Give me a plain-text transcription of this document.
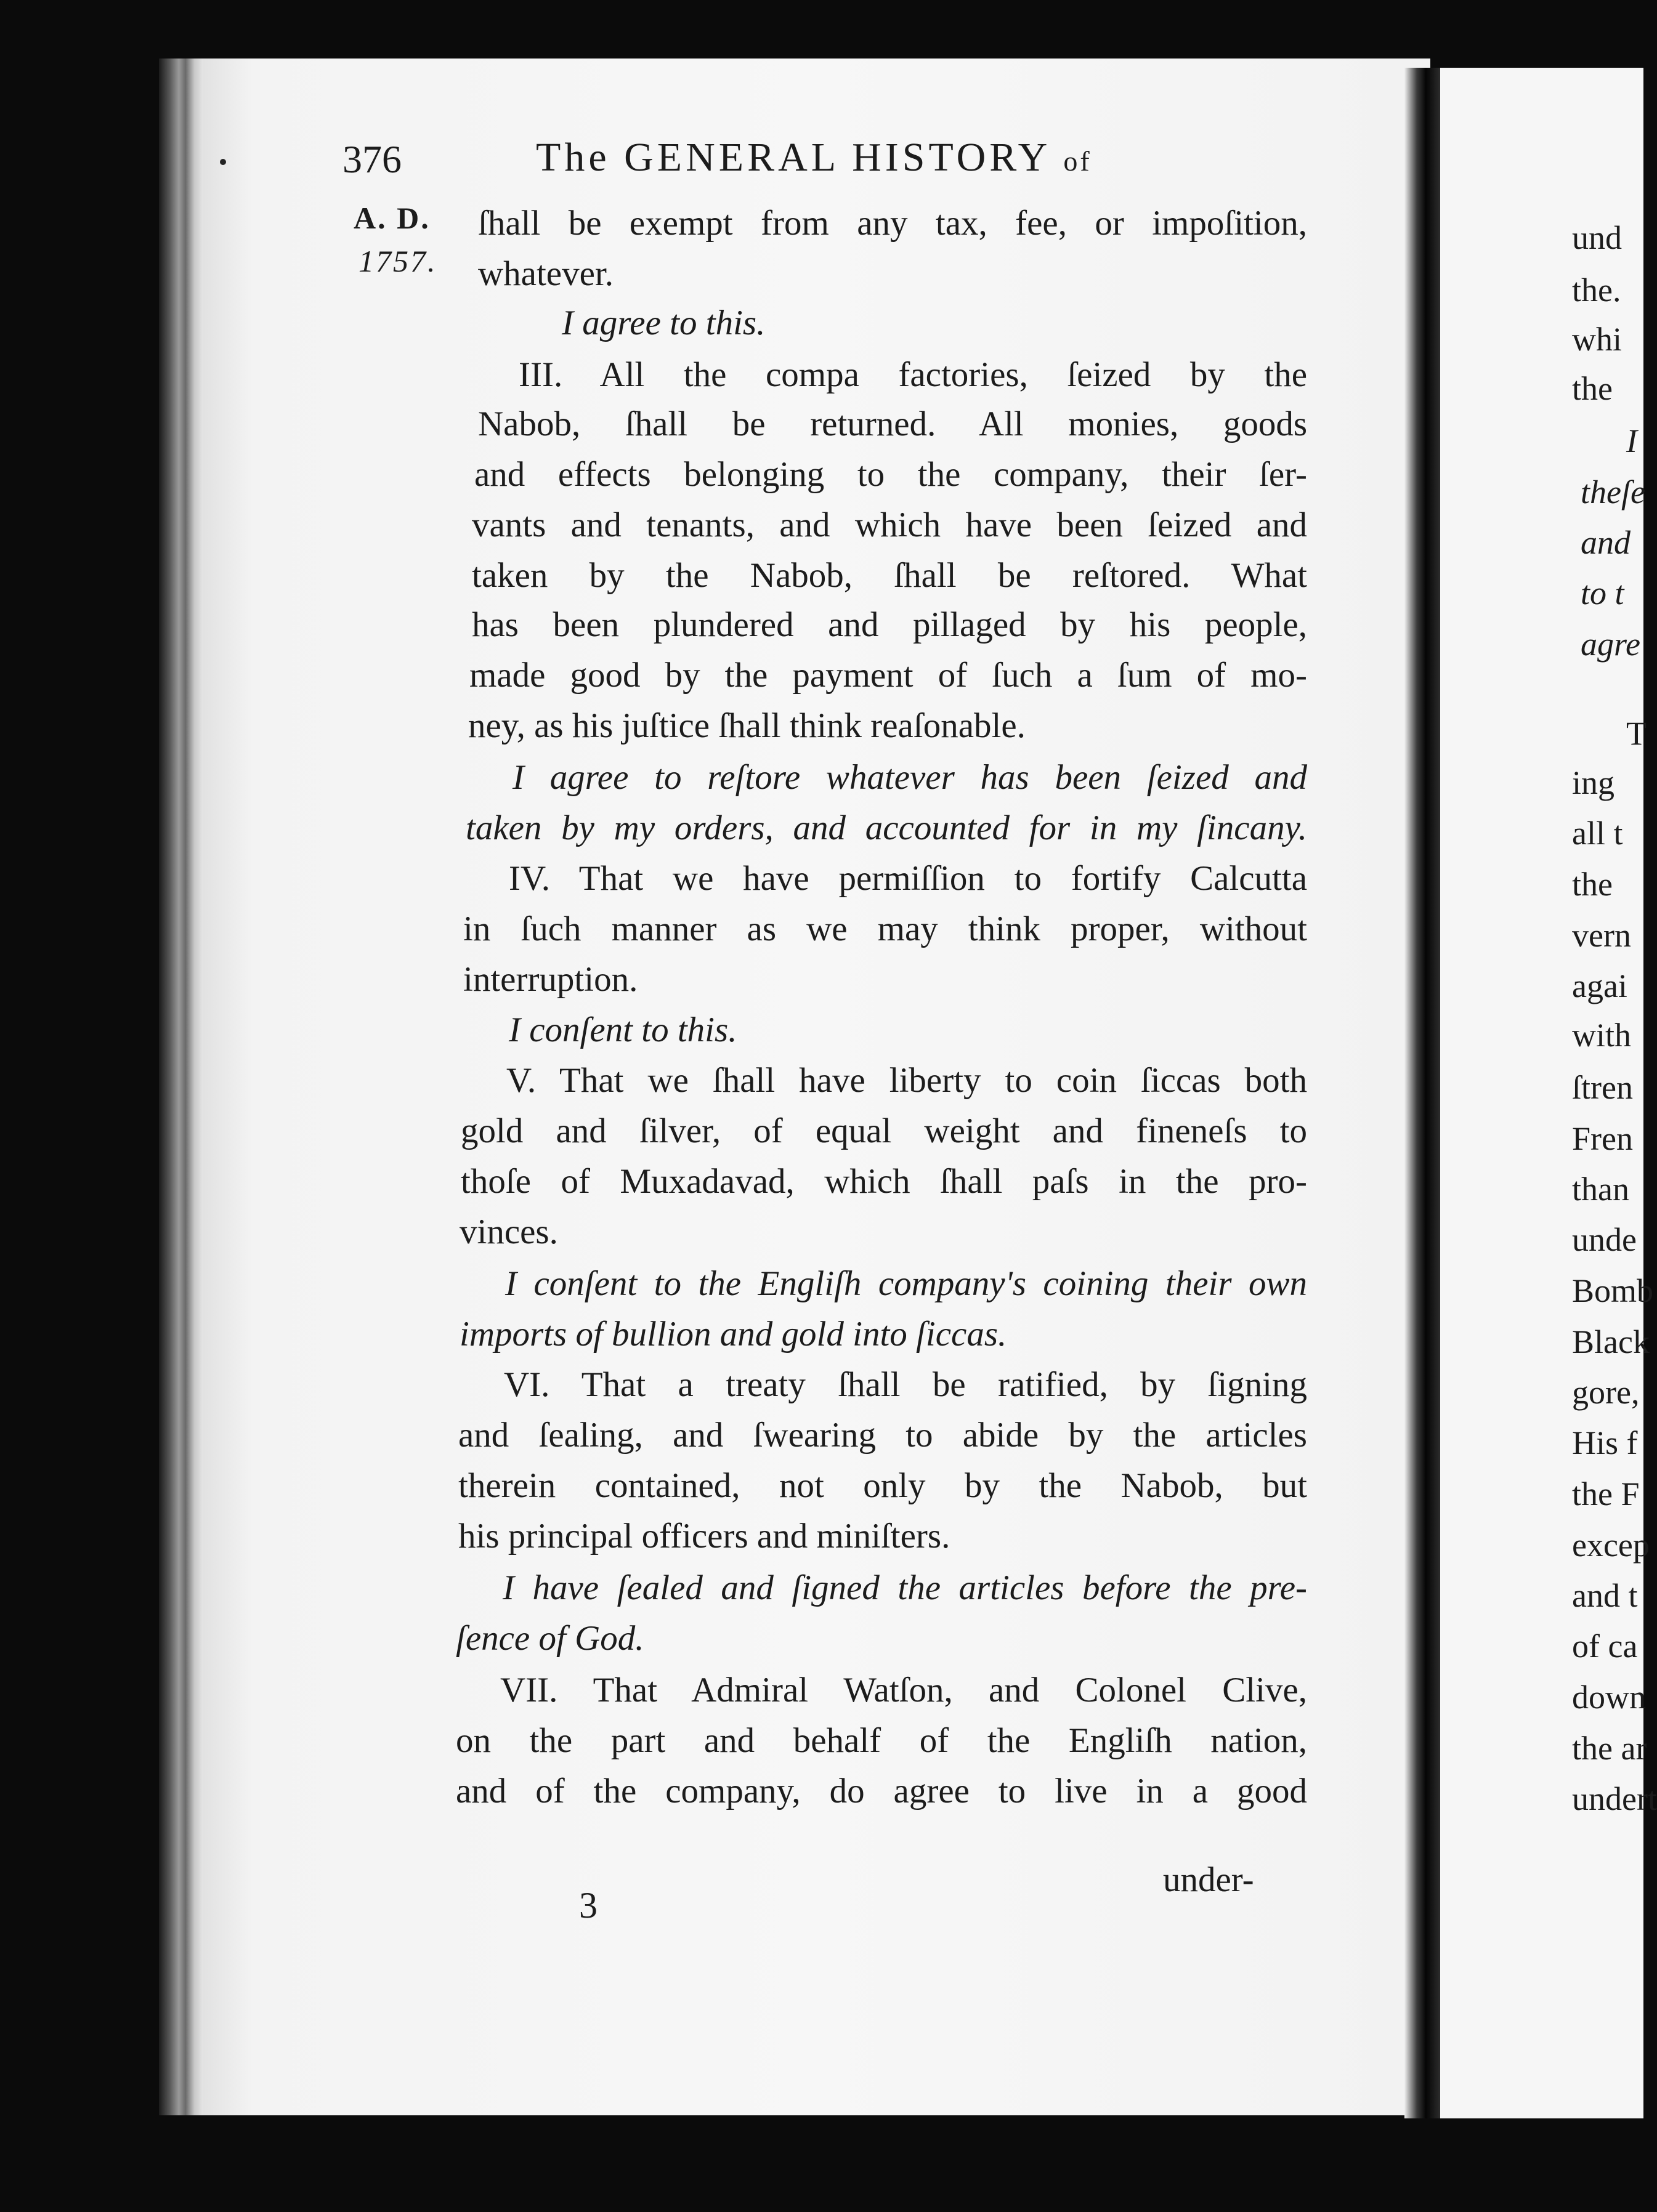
376	The GENERAL HISTORY of
A. D.
1757.
ſhall be exempt from any tax, fee, or impoſition,
whatever.
I agree to this.
III. All the compa factories, ſeized by the
Nabob, ſhall be returned. All monies, goods
and effects belonging to the company, their ſer-
vants and tenants, and which have been ſeized and
taken by the Nabob, ſhall be reſtored. What
has been plundered and pillaged by his people,
made good by the payment of ſuch a ſum of mo-
ney, as his juſtice ſhall think reaſonable.
I agree to reſtore whatever has been ſeized and
taken by my orders, and accounted for in my ſincany.
IV. That we have permiſſion to fortify Calcutta
in ſuch manner as we may think proper, without
interruption.
I conſent to this.
V. That we ſhall have liberty to coin ſiccas both
gold and ſilver, of equal weight and fineneſs to
thoſe of Muxadavad, which ſhall paſs in the pro-
vinces.
I conſent to the Engliſh company's coining their own
imports of bullion and gold into ſiccas.
VI. That a treaty ſhall be ratified, by ſigning
and ſealing, and ſwearing to abide by the articles
therein contained, not only by the Nabob, but
his principal officers and miniſters.
I have ſealed and ſigned the articles before the pre-
ſence of God.
VII. That Admiral Watſon, and Colonel Clive,
on the part and behalf of the Engliſh nation,
and of the company, do agree to live in a good
under-
3
und
the.
whi
the
I
theſe
and
to t
agre
T
ing
all t
the
vern
agai
with
ſtren
Fren
than
unde
Bomb
Black
gore,
His f
the F
excep
and t
of ca
down
the ar
undert
